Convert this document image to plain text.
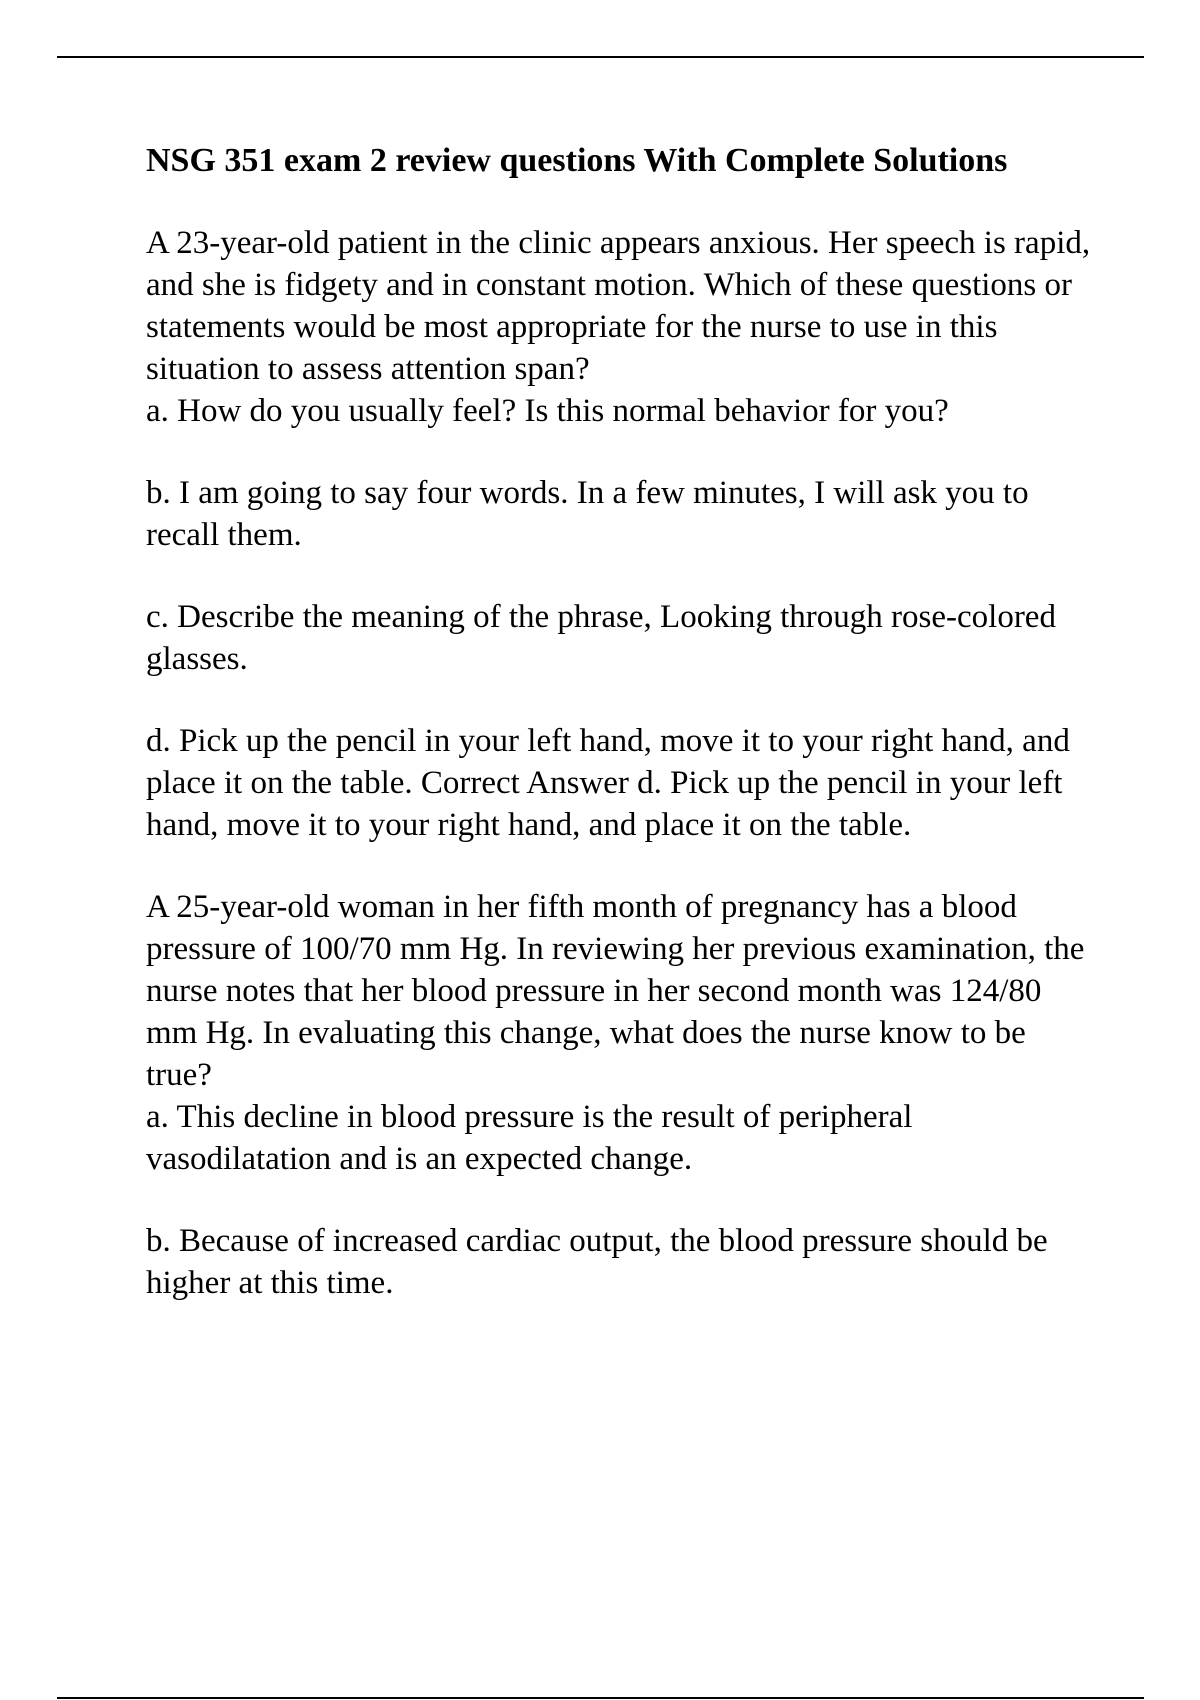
NSG 351 exam 2 review questions With Complete Solutions
A 23-year-old patient in the clinic appears anxious. Her speech is rapid, and she is fidgety and in constant motion. Which of these questions or statements would be most appropriate for the nurse to use in this situation to assess attention span?
a. How do you usually feel? Is this normal behavior for you?
b. I am going to say four words. In a few minutes, I will ask you to recall them.
c. Describe the meaning of the phrase, Looking through rose-colored glasses.
d. Pick up the pencil in your left hand, move it to your right hand, and place it on the table. Correct Answer d. Pick up the pencil in your left hand, move it to your right hand, and place it on the table.
A 25-year-old woman in her fifth month of pregnancy has a blood pressure of 100/70 mm Hg. In reviewing her previous examination, the nurse notes that her blood pressure in her second month was 124/80 mm Hg. In evaluating this change, what does the nurse know to be true?
a. This decline in blood pressure is the result of peripheral vasodilatation and is an expected change.
b. Because of increased cardiac output, the blood pressure should be higher at this time.
